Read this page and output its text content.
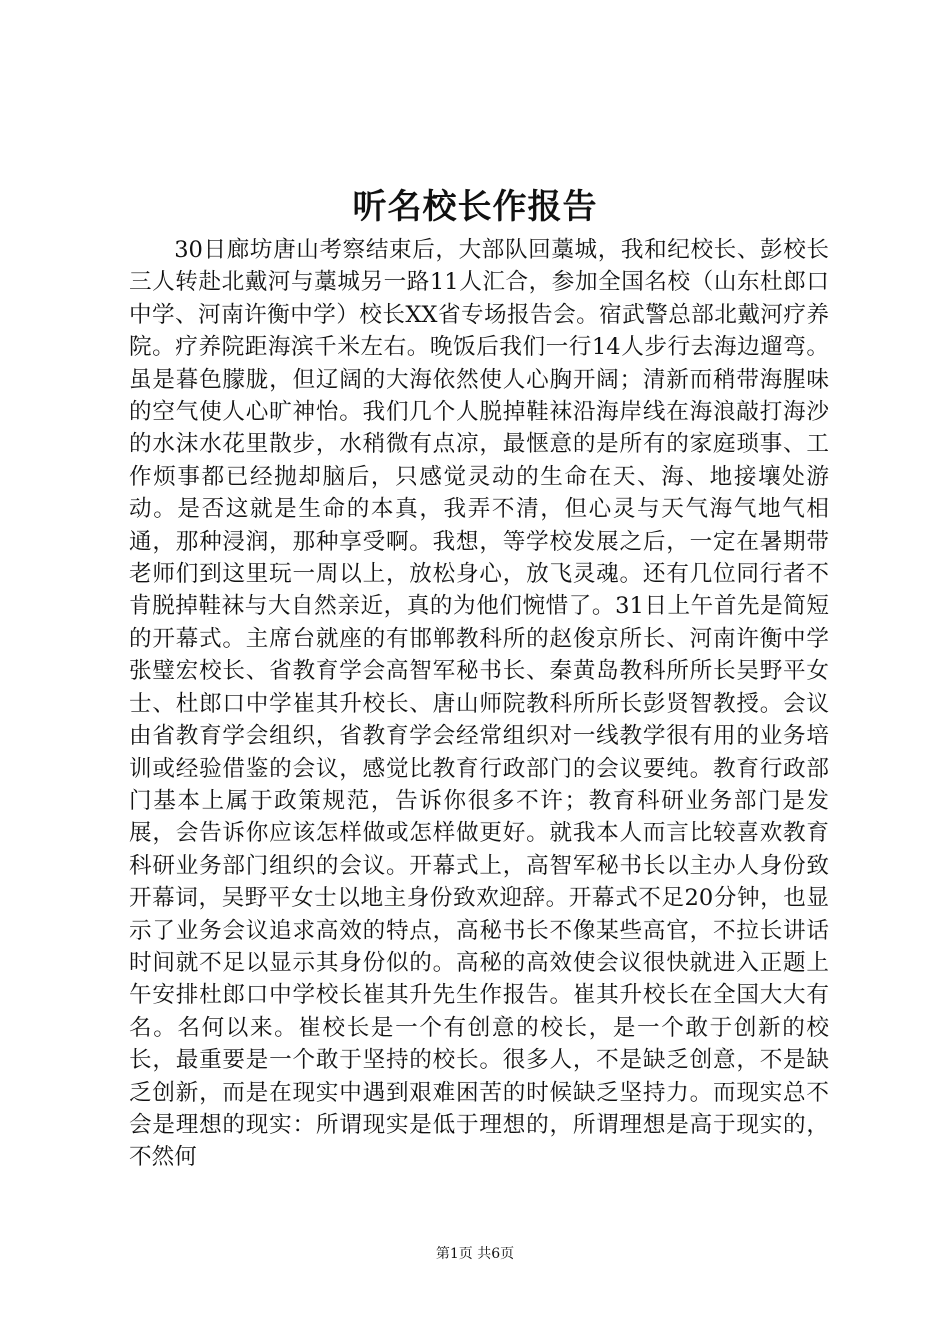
听名校长作报告

30日廊坊唐山考察结束后，大部队回藁城，我和纪校长、彭校长三人转赴北戴河与藁城另一路11人汇合，参加全国名校（山东杜郎口中学、河南许衡中学）校长XX省专场报告会。宿武警总部北戴河疗养院。疗养院距海滨千米左右。晚饭后我们一行14人步行去海边遛弯。虽是暮色朦胧，但辽阔的大海依然使人心胸开阔；清新而稍带海腥味的空气使人心旷神怡。我们几个人脱掉鞋袜沿海岸线在海浪敲打海沙的水沫水花里散步，水稍微有点凉，最惬意的是所有的家庭琐事、工作烦事都已经抛却脑后，只感觉灵动的生命在天、海、地接壤处游动。是否这就是生命的本真，我弄不清，但心灵与天气海气地气相通，那种浸润，那种享受啊。我想，等学校发展之后，一定在暑期带老师们到这里玩一周以上，放松身心，放飞灵魂。还有几位同行者不肯脱掉鞋袜与大自然亲近，真的为他们惋惜了。31日上午首先是简短的开幕式。主席台就座的有邯郸教科所的赵俊京所长、河南许衡中学张璧宏校长、省教育学会高智军秘书长、秦黄岛教科所所长吴野平女士、杜郎口中学崔其升校长、唐山师院教科所所长彭贤智教授。会议由省教育学会组织，省教育学会经常组织对一线教学很有用的业务培训或经验借鉴的会议，感觉比教育行政部门的会议要纯。教育行政部门基本上属于政策规范，告诉你很多不许；教育科研业务部门是发展，会告诉你应该怎样做或怎样做更好。就我本人而言比较喜欢教育科研业务部门组织的会议。开幕式上，高智军秘书长以主办人身份致开幕词，吴野平女士以地主身份致欢迎辞。开幕式不足20分钟，也显示了业务会议追求高效的特点，高秘书长不像某些高官，不拉长讲话时间就不足以显示其身份似的。高秘的高效使会议很快就进入正题上午安排杜郎口中学校长崔其升先生作报告。崔其升校长在全国大大有名。名何以来。崔校长是一个有创意的校长，是一个敢于创新的校长，最重要是一个敢于坚持的校长。很多人，不是缺乏创意，不是缺乏创新，而是在现实中遇到艰难困苦的时候缺乏坚持力。而现实总不会是理想的现实：所谓现实是低于理想的，所谓理想是高于现实的，不然何

第1页 共6页
